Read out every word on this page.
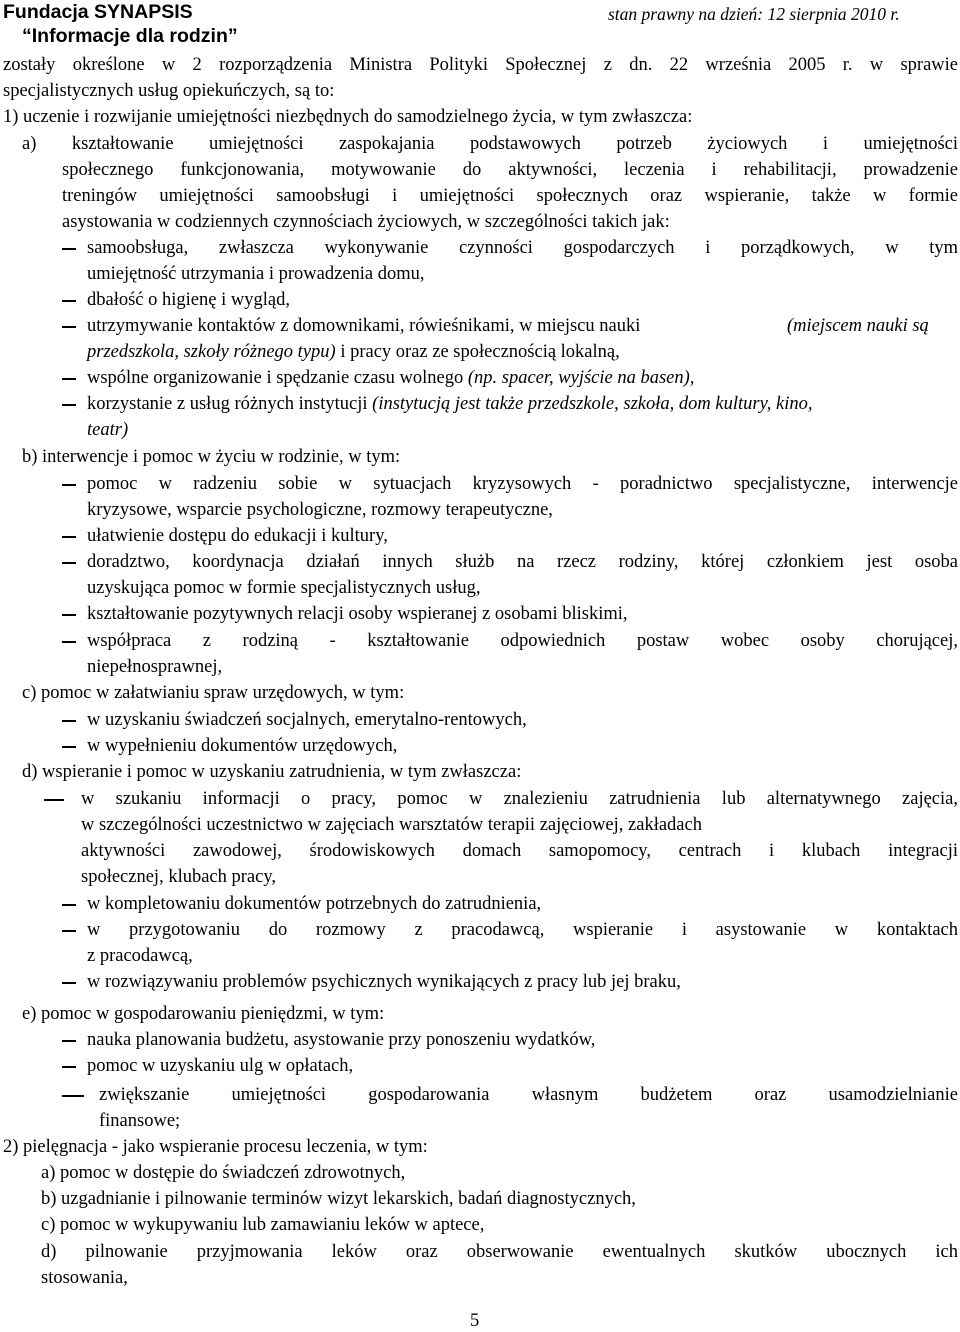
Fundacja SYNAPSIS	stan prawny na dzień: 12 sierpnia 2010 r.
“Informacje dla rodzin”
zostały określone w 2 rozporządzenia Ministra Polityki Społecznej z dn. 22 września 2005 r. w sprawie
specjalistycznych usług opiekuńczych, są to:
1) uczenie i rozwijanie umiejętności niezbędnych do samodzielnego życia, w tym zwłaszcza:
a) kształtowanie umiejętności zaspokajania podstawowych potrzeb życiowych i umiejętności
społecznego funkcjonowania, motywowanie do aktywności, leczenia i rehabilitacji, prowadzenie
treningów umiejętności samoobsługi i umiejętności społecznych oraz wspieranie, także w formie
asystowania w codziennych czynnościach życiowych, w szczególności takich jak:
samoobsługa, zwłaszcza wykonywanie czynności gospodarczych i porządkowych, w tym
umiejętność utrzymania i prowadzenia domu,
dbałość o higienę i wygląd,
utrzymywanie kontaktów z domownikami, rówieśnikami, w miejscu nauki	(miejscem nauki są
przedszkola, szkoły różnego typu) i pracy oraz ze społecznością lokalną,
wspólne organizowanie i spędzanie czasu wolnego (np. spacer, wyjście na basen),
korzystanie z usług różnych instytucji (instytucją jest także przedszkole, szkoła, dom kultury, kino,
teatr)
b) interwencje i pomoc w życiu w rodzinie, w tym:
pomoc w radzeniu sobie w sytuacjach kryzysowych - poradnictwo specjalistyczne, interwencje
kryzysowe, wsparcie psychologiczne, rozmowy terapeutyczne,
ułatwienie dostępu do edukacji i kultury,
doradztwo, koordynacja działań innych służb na rzecz rodziny, której członkiem jest osoba
uzyskująca pomoc w formie specjalistycznych usług,
kształtowanie pozytywnych relacji osoby wspieranej z osobami bliskimi,
współpraca z rodziną - kształtowanie odpowiednich postaw wobec osoby chorującej,
niepełnosprawnej,
c) pomoc w załatwianiu spraw urzędowych, w tym:
w uzyskaniu świadczeń socjalnych, emerytalno-rentowych,
w wypełnieniu dokumentów urzędowych,
d) wspieranie i pomoc w uzyskaniu zatrudnienia, w tym zwłaszcza:
w szukaniu informacji o pracy, pomoc w znalezieniu zatrudnienia lub alternatywnego zajęcia,
w szczególności uczestnictwo w zajęciach warsztatów terapii zajęciowej, zakładach
aktywności zawodowej, środowiskowych domach samopomocy, centrach i klubach integracji
społecznej, klubach pracy,
w kompletowaniu dokumentów potrzebnych do zatrudnienia,
w przygotowaniu do rozmowy z pracodawcą, wspieranie i asystowanie w kontaktach
z pracodawcą,
w rozwiązywaniu problemów psychicznych wynikających z pracy lub jej braku,
e) pomoc w gospodarowaniu pieniędzmi, w tym:
nauka planowania budżetu, asystowanie przy ponoszeniu wydatków,
pomoc w uzyskaniu ulg w opłatach,
zwiększanie umiejętności gospodarowania własnym budżetem oraz usamodzielnianie
finansowe;
2) pielęgnacja - jako wspieranie procesu leczenia, w tym:
a) pomoc w dostępie do świadczeń zdrowotnych,
b) uzgadnianie i pilnowanie terminów wizyt lekarskich, badań diagnostycznych,
c) pomoc w wykupywaniu lub zamawianiu leków w aptece,
d) pilnowanie przyjmowania leków oraz obserwowanie ewentualnych skutków ubocznych ich
stosowania,
5
